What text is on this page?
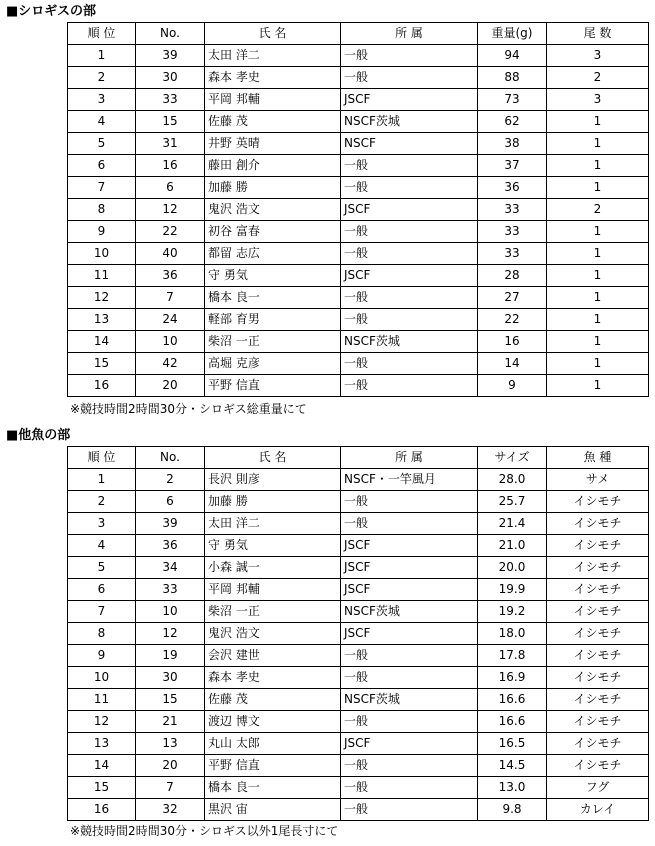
■シロギスの部
順 位	No.	氏 名	所 属	重量(g)	尾 数
1	39	太田 洋二	一般	94	3
2	30	森本 孝史	一般	88	2
3	33	平岡 邦輔	JSCF	73	3
4	15	佐藤 茂	NSCF茨城	62	1
5	31	井野 英晴	NSCF	38	1
6	16	藤田 創介	一般	37	1
7	6	加藤 勝	一般	36	1
8	12	鬼沢 浩文	JSCF	33	2
9	22	初谷 富春	一般	33	1
10	40	都留 志広	一般	33	1
11	36	守 勇気	JSCF	28	1
12	7	橋本 良一	一般	27	1
13	24	軽部 育男	一般	22	1
14	10	柴沼 一正	NSCF茨城	16	1
15	42	高堀 克彦	一般	14	1
16	20	平野 信直	一般	9	1
※競技時間2時間30分・シロギス総重量にて
■他魚の部
順 位	No.	氏 名	所 属	サイズ	魚 種
1	2	長沢 則彦	NSCF・一竿風月	28.0	サメ
2	6	加藤 勝	一般	25.7	イシモチ
3	39	太田 洋二	一般	21.4	イシモチ
4	36	守 勇気	JSCF	21.0	イシモチ
5	34	小森 誠一	JSCF	20.0	イシモチ
6	33	平岡 邦輔	JSCF	19.9	イシモチ
7	10	柴沼 一正	NSCF茨城	19.2	イシモチ
8	12	鬼沢 浩文	JSCF	18.0	イシモチ
9	19	会沢 建世	一般	17.8	イシモチ
10	30	森本 孝史	一般	16.9	イシモチ
11	15	佐藤 茂	NSCF茨城	16.6	イシモチ
12	21	渡辺 博文	一般	16.6	イシモチ
13	13	丸山 太郎	JSCF	16.5	イシモチ
14	20	平野 信直	一般	14.5	イシモチ
15	7	橋本 良一	一般	13.0	フグ
16	32	黒沢 宙	一般	9.8	カレイ
※競技時間2時間30分・シロギス以外1尾長寸にて
